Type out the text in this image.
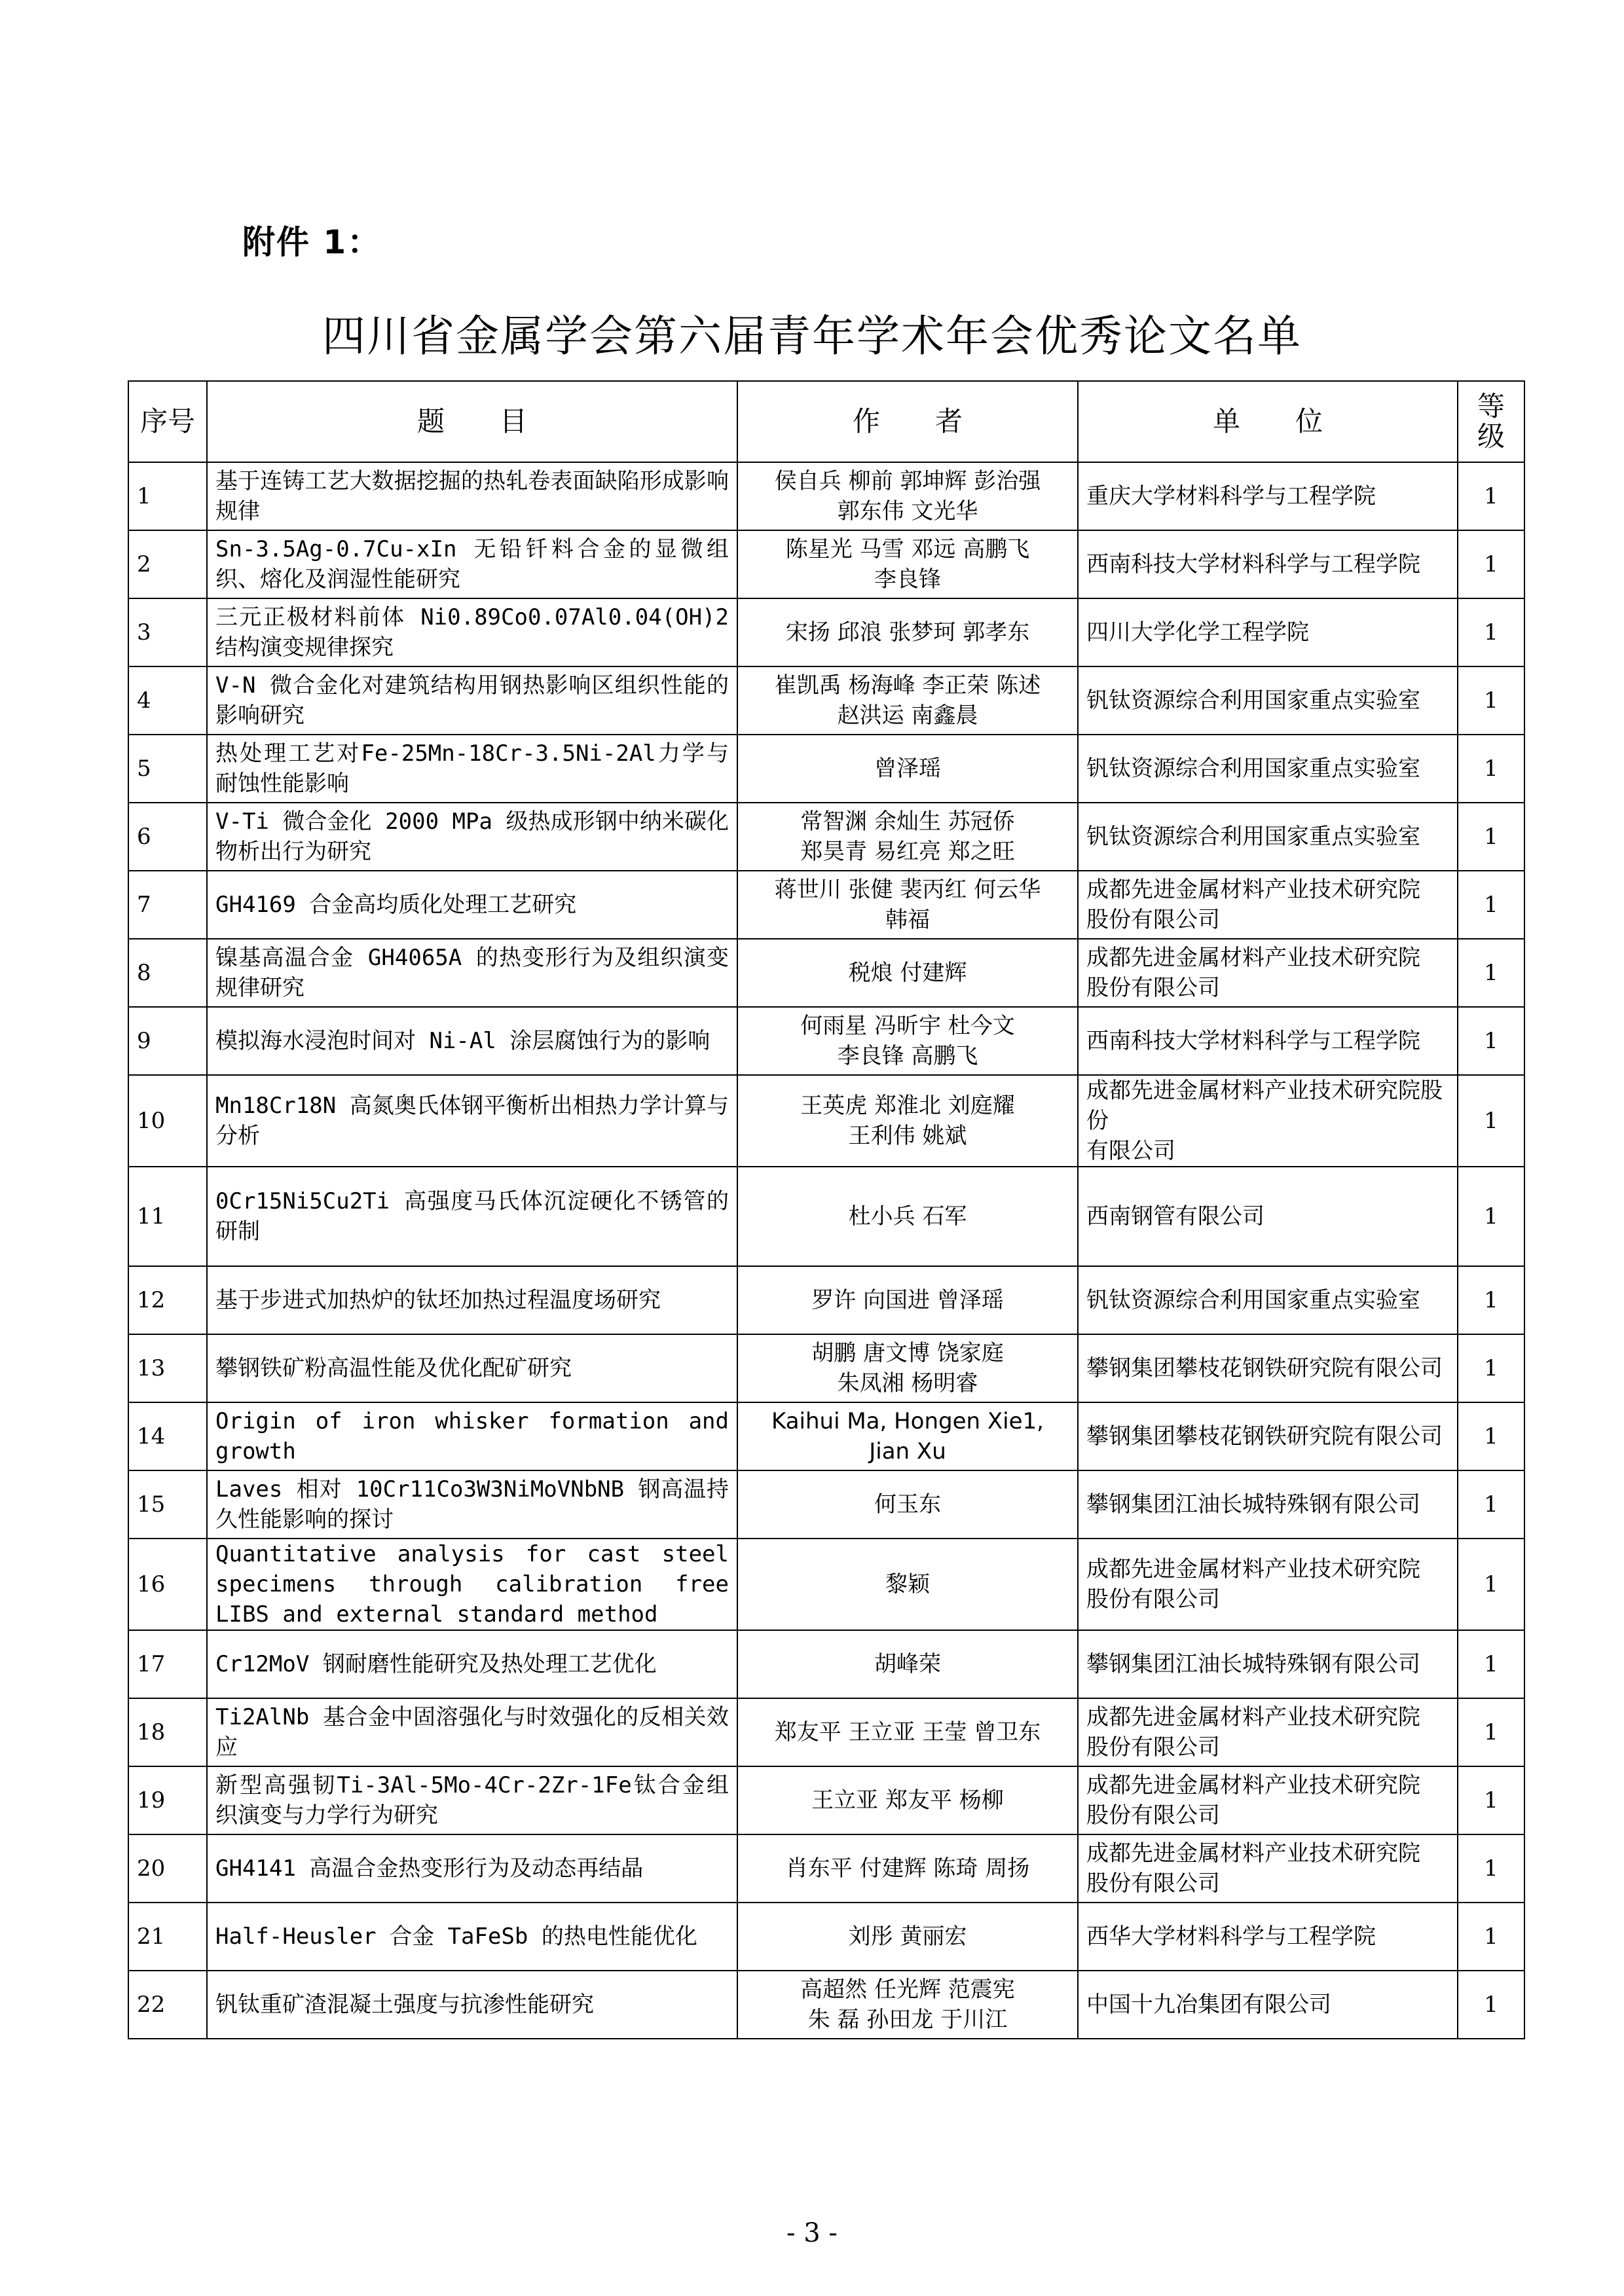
附件 1：
四川省金属学会第六届青年学术年会优秀论文名单
序号	题　　目	作　　者	单　　位	等级
1	基于连铸工艺大数据挖掘的热轧卷表面缺陷形成影响规律	侯自兵 柳前 郭坤辉 彭治强
郭东伟 文光华	重庆大学材料科学与工程学院	1
2	Sn-3.5Ag-0.7Cu-xIn 无铅钎料合金的显微组织、熔化及润湿性能研究	陈星光 马雪 邓远 高鹏飞
李良锋	西南科技大学材料科学与工程学院	1
3	三元正极材料前体 Ni0.89Co0.07Al0.04(OH)2 结构演变规律探究	宋扬 邱浪 张梦珂 郭孝东	四川大学化学工程学院	1
4	V-N 微合金化对建筑结构用钢热影响区组织性能的影响研究	崔凯禹 杨海峰 李正荣 陈述
赵洪运 南鑫晨	钒钛资源综合利用国家重点实验室	1
5	热处理工艺对Fe-25Mn-18Cr-3.5Ni-2Al力学与耐蚀性能影响	曾泽瑶	钒钛资源综合利用国家重点实验室	1
6	V-Ti 微合金化 2000 MPa 级热成形钢中纳米碳化物析出行为研究	常智渊 余灿生 苏冠侨
郑昊青 易红亮 郑之旺	钒钛资源综合利用国家重点实验室	1
7	GH4169 合金高均质化处理工艺研究	蒋世川 张健 裴丙红 何云华
韩福	成都先进金属材料产业技术研究院
股份有限公司	1
8	镍基高温合金 GH4065A 的热变形行为及组织演变规律研究	税烺 付建辉	成都先进金属材料产业技术研究院
股份有限公司	1
9	模拟海水浸泡时间对 Ni-Al 涂层腐蚀行为的影响	何雨星 冯昕宇 杜今文
李良锋 高鹏飞	西南科技大学材料科学与工程学院	1
10	Mn18Cr18N 高氮奥氏体钢平衡析出相热力学计算与分析	王英虎 郑淮北 刘庭耀
王利伟 姚斌	成都先进金属材料产业技术研究院股份
有限公司	1
11	0Cr15Ni5Cu2Ti 高强度马氏体沉淀硬化不锈管的研制	杜小兵 石军	西南钢管有限公司	1
12	基于步进式加热炉的钛坯加热过程温度场研究	罗许 向国进 曾泽瑶	钒钛资源综合利用国家重点实验室	1
13	攀钢铁矿粉高温性能及优化配矿研究	胡鹏 唐文博 饶家庭
朱凤湘 杨明睿	攀钢集团攀枝花钢铁研究院有限公司	1
14	Origin of iron whisker formation and growth	Kaihui Ma, Hongen Xie1,
Jian Xu	攀钢集团攀枝花钢铁研究院有限公司	1
15	Laves 相对 10Cr11Co3W3NiMoVNbNB 钢高温持久性能影响的探讨	何玉东	攀钢集团江油长城特殊钢有限公司	1
16	Quantitative analysis for cast steel specimens through calibration free LIBS and external standard method	黎颖	成都先进金属材料产业技术研究院
股份有限公司	1
17	Cr12MoV 钢耐磨性能研究及热处理工艺优化	胡峰荣	攀钢集团江油长城特殊钢有限公司	1
18	Ti2AlNb 基合金中固溶强化与时效强化的反相关效应	郑友平 王立亚 王莹 曾卫东	成都先进金属材料产业技术研究院
股份有限公司	1
19	新型高强韧Ti-3Al-5Mo-4Cr-2Zr-1Fe钛合金组织演变与力学行为研究	王立亚 郑友平 杨柳	成都先进金属材料产业技术研究院
股份有限公司	1
20	GH4141 高温合金热变形行为及动态再结晶	肖东平 付建辉 陈琦 周扬	成都先进金属材料产业技术研究院
股份有限公司	1
21	Half-Heusler 合金 TaFeSb 的热电性能优化	刘彤 黄丽宏	西华大学材料科学与工程学院	1
22	钒钛重矿渣混凝土强度与抗渗性能研究	高超然 任光辉 范震宪
朱 磊 孙田龙 于川江	中国十九冶集团有限公司	1
- 3 -
